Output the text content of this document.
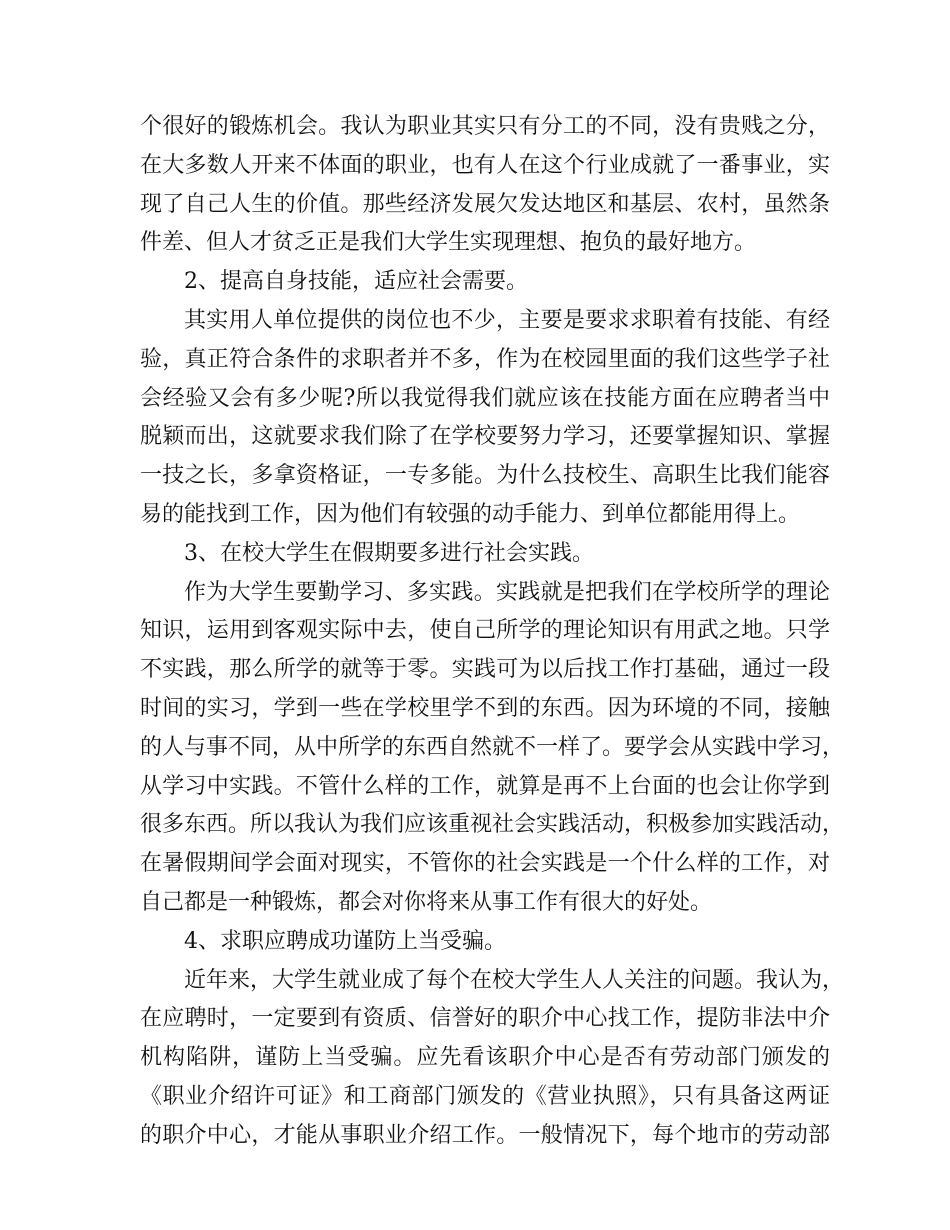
个很好的锻炼机会。我认为职业其实只有分工的不同，没有贵贱之分，
在大多数人开来不体面的职业，也有人在这个行业成就了一番事业，实
现了自己人生的价值。那些经济发展欠发达地区和基层、农村，虽然条
件差、但人才贫乏正是我们大学生实现理想、抱负的最好地方。
2、提高自身技能，适应社会需要。
其实用人单位提供的岗位也不少，主要是要求求职着有技能、有经
验，真正符合条件的求职者并不多，作为在校园里面的我们这些学子社
会经验又会有多少呢?所以我觉得我们就应该在技能方面在应聘者当中
脱颖而出，这就要求我们除了在学校要努力学习，还要掌握知识、掌握
一技之长，多拿资格证，一专多能。为什么技校生、高职生比我们能容
易的能找到工作，因为他们有较强的动手能力、到单位都能用得上。
3、在校大学生在假期要多进行社会实践。
作为大学生要勤学习、多实践。实践就是把我们在学校所学的理论
知识，运用到客观实际中去，使自己所学的理论知识有用武之地。只学
不实践，那么所学的就等于零。实践可为以后找工作打基础，通过一段
时间的实习，学到一些在学校里学不到的东西。因为环境的不同，接触
的人与事不同，从中所学的东西自然就不一样了。要学会从实践中学习，
从学习中实践。不管什么样的工作，就算是再不上台面的也会让你学到
很多东西。所以我认为我们应该重视社会实践活动，积极参加实践活动，
在暑假期间学会面对现实，不管你的社会实践是一个什么样的工作，对
自己都是一种锻炼，都会对你将来从事工作有很大的好处。
4、求职应聘成功谨防上当受骗。
近年来，大学生就业成了每个在校大学生人人关注的问题。我认为，
在应聘时，一定要到有资质、信誉好的职介中心找工作，提防非法中介
机构陷阱，谨防上当受骗。应先看该职介中心是否有劳动部门颁发的
《职业介绍许可证》和工商部门颁发的《营业执照》，只有具备这两证
的职介中心，才能从事职业介绍工作。一般情况下，每个地市的劳动部
